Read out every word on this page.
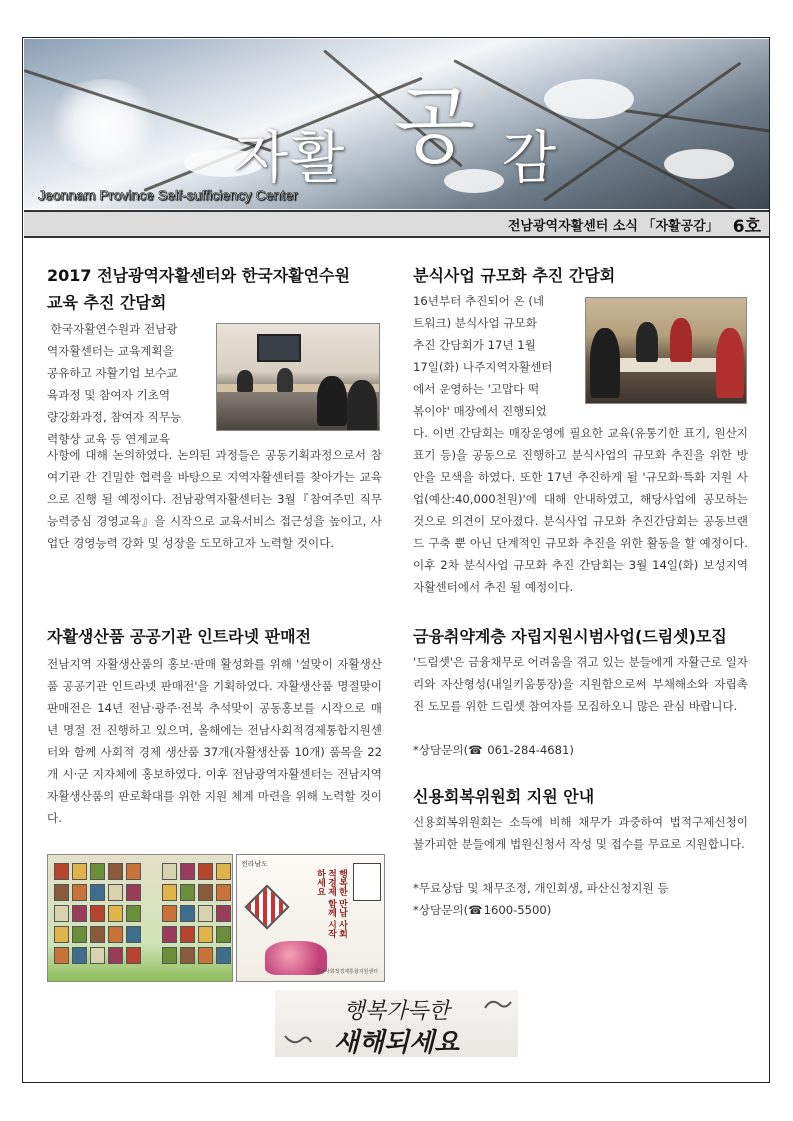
자활 공 감
Jeonnam Province Self-sufficiency Center
전남광역자활센터 소식 「자활공감」 6호
2017 전남광역자활센터와 한국자활연수원
교육 추진 간담회
한국자활연수원과 전남광
역자활센터는 교육계획을
공유하고 자활기업 보수교
육과정 및 참여자 기초역
량강화과정, 참여자 직무능
력향상 교육 등 연계교육

사항에 대해 논의하였다. 논의된 과정들은 공동기획과정으로서 참여기관 간 긴밀한 협력을 바탕으로 지역자활센터를 찾아가는 교육으로 진행 될 예정이다. 전남광역자활센터는 3월『참여주민 직무능력중심 경영교육』을 시작으로 교육서비스 접근성을 높이고, 사업단 경영능력 강화 및 성장을 도모하고자 노력할 것이다.

분식사업 규모화 추진 간담회
16년부터 추진되어 온 (네
트워크) 분식사업 규모화
추진 간담회가 17년 1월
17일(화) 나주지역자활센터
에서 운영하는 '고맙다 떡
볶이야' 매장에서 진행되었

다. 이번 간담회는 매장운영에 필요한 교육(유통기한 표기, 원산지 표기 등)을 공동으로 진행하고 분식사업의 규모화 추진을 위한 방안을 모색을 하였다. 또한 17년 추진하게 될 '규모화·특화 지원 사업(예산:40,000천원)'에 대해 안내하였고, 해당사업에 공모하는 것으로 의견이 모아졌다. 분식사업 규모화 추진간담회는 공동브랜드 구축 뿐 아닌 단계적인 규모화 추진을 위한 활동을 할 예정이다. 이후 2차 분식사업 규모화 추진 간담회는 3월 14일(화) 보성지역자활센터에서 추진 될 예정이다.

자활생산품 공공기관 인트라넷 판매전

전남지역 자활생산품의 홍보·판매 활성화를 위해 '설맞이 자활생산품 공공기관 인트라넷 판매전'을 기획하였다. 자활생산품 명절맞이 판매전은 14년 전남·광주·전북 추석맞이 공동홍보를 시작으로 매년 명절 전 진행하고 있으며, 올해에는 전남사회적경제통합지원센터와 함께 사회적 경제 생산품 37개(자활생산품 10개) 품목을 22개 시·군 지자체에 홍보하였다. 이후 전남광역자활센터는 전남지역 자활생산품의 판로확대를 위한 지원 체계 마련을 위해 노력할 것이다.

전라남도
행복한 만남 사회적경제 함께 시작하세요
전남사회적경제통합지원센터
금융취약계층 자립지원시범사업(드림셋)모집

'드림셋'은 금융채무로 어려움을 겪고 있는 분들에게 자활근로 일자리와 자산형성(내일키움통장)을 지원함으로써 부채해소와 자립촉진 도모를 위한 드림셋 참여자를 모집하오니 많은 관심 바랍니다.

*상담문의(☎ 061-284-4681)
신용회복위원회 지원 안내

신용회복위원회는 소득에 비해 채무가 과중하여 법적구제신청이 불가피한 분들에게 법원신청서 작성 및 접수를 무료로 지원합니다.

*무료상담 및 채무조정, 개인회생, 파산신청지원 등
*상담문의(☎1600-5500)
행복가득한
새해되세요
